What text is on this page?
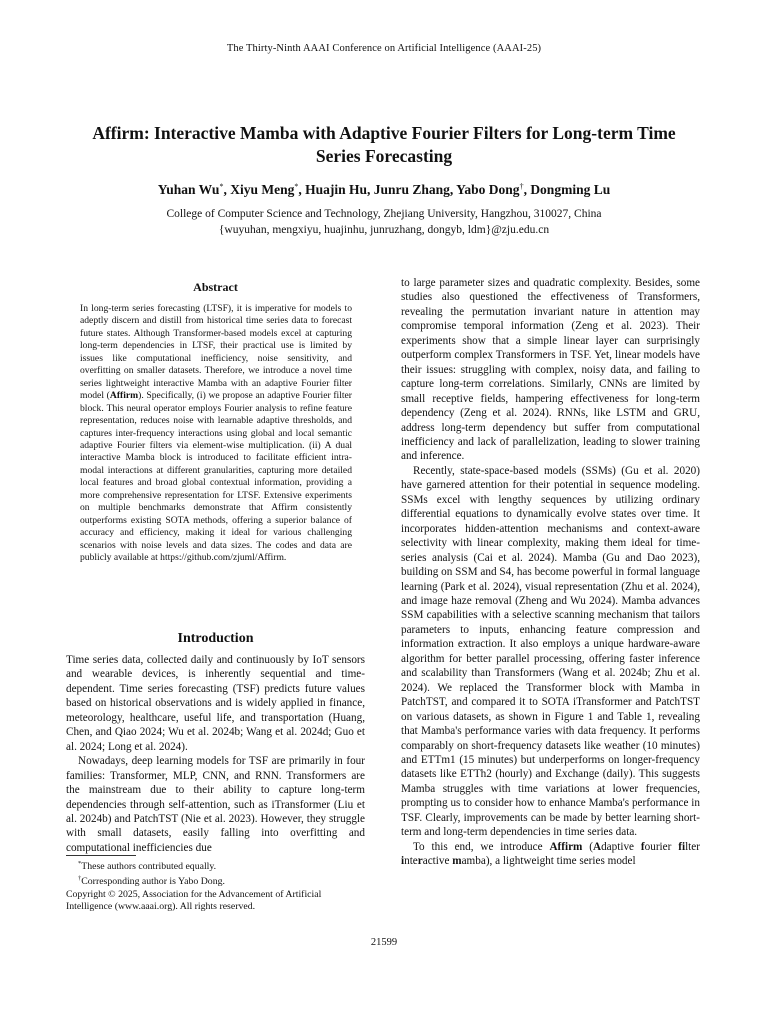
The Thirty-Ninth AAAI Conference on Artificial Intelligence (AAAI-25)
Affirm: Interactive Mamba with Adaptive Fourier Filters for Long-term Time Series Forecasting
Yuhan Wu*, Xiyu Meng*, Huajin Hu, Junru Zhang, Yabo Dong†, Dongming Lu
College of Computer Science and Technology, Zhejiang University, Hangzhou, 310027, China
{wuyuhan, mengxiyu, huajinhu, junruzhang, dongyb, ldm}@zju.edu.cn
Abstract
In long-term series forecasting (LTSF), it is imperative for models to adeptly discern and distill from historical time series data to forecast future states. Although Transformer-based models excel at capturing long-term dependencies in LTSF, their practical use is limited by issues like computational inefficiency, noise sensitivity, and overfitting on smaller datasets. Therefore, we introduce a novel time series lightweight interactive Mamba with an adaptive Fourier filter model (Affirm). Specifically, (i) we propose an adaptive Fourier filter block. This neural operator employs Fourier analysis to refine feature representation, reduces noise with learnable adaptive thresholds, and captures inter-frequency interactions using global and local semantic adaptive Fourier filters via element-wise multiplication. (ii) A dual interactive Mamba block is introduced to facilitate efficient intra-modal interactions at different granularities, capturing more detailed local features and broad global contextual information, providing a more comprehensive representation for LTSF. Extensive experiments on multiple benchmarks demonstrate that Affirm consistently outperforms existing SOTA methods, offering a superior balance of accuracy and efficiency, making it ideal for various challenging scenarios with noise levels and data sizes. The codes and data are publicly available at https://github.com/zjuml/Affirm.
Introduction

Time series data, collected daily and continuously by IoT sensors and wearable devices, is inherently sequential and time-dependent. Time series forecasting (TSF) predicts future values based on historical observations and is widely applied in finance, meteorology, healthcare, useful life, and transportation (Huang, Chen, and Qiao 2024; Wu et al. 2024b; Wang et al. 2024d; Guo et al. 2024; Long et al. 2024).

Nowadays, deep learning models for TSF are primarily in four families: Transformer, MLP, CNN, and RNN. Transformers are the mainstream due to their ability to capture long-term dependencies through self-attention, such as iTransformer (Liu et al. 2024b) and PatchTST (Nie et al. 2023). However, they struggle with small datasets, easily falling into overfitting and computational inefficiencies due

to large parameter sizes and quadratic complexity. Besides, some studies also questioned the effectiveness of Transformers, revealing the permutation invariant nature in attention may compromise temporal information (Zeng et al. 2023). Their experiments show that a simple linear layer can surprisingly outperform complex Transformers in TSF. Yet, linear models have their issues: struggling with complex, noisy data, and failing to capture long-term correlations. Similarly, CNNs are limited by small receptive fields, hampering effectiveness for long-term dependency (Zeng et al. 2024). RNNs, like LSTM and GRU, address long-term dependency but suffer from computational inefficiency and lack of parallelization, leading to slower training and inference.

Recently, state-space-based models (SSMs) (Gu et al. 2020) have garnered attention for their potential in sequence modeling. SSMs excel with lengthy sequences by utilizing ordinary differential equations to dynamically evolve states over time. It incorporates hidden-attention mechanisms and context-aware selectivity with linear complexity, making them ideal for time-series analysis (Cai et al. 2024). Mamba (Gu and Dao 2023), building on SSM and S4, has become powerful in formal language learning (Park et al. 2024), visual representation (Zhu et al. 2024), and image haze removal (Zheng and Wu 2024). Mamba advances SSM capabilities with a selective scanning mechanism that tailors parameters to inputs, enhancing feature compression and information extraction. It also employs a unique hardware-aware algorithm for better parallel processing, offering faster inference and scalability than Transformers (Wang et al. 2024b; Zhu et al. 2024). We replaced the Transformer block with Mamba in PatchTST, and compared it to SOTA iTransformer and PatchTST on various datasets, as shown in Figure 1 and Table 1, revealing that Mamba's performance varies with data frequency. It performs comparably on short-frequency datasets like weather (10 minutes) and ETTm1 (15 minutes) but underperforms on longer-frequency datasets like ETTh2 (hourly) and Exchange (daily). This suggests Mamba struggles with time variations at lower frequencies, prompting us to consider how to enhance Mamba's performance in TSF. Clearly, improvements can be made by better learning short-term and long-term dependencies in time series data.

To this end, we introduce Affirm (Adaptive fourier filter interactive mamba), a lightweight time series model

*These authors contributed equally.
†Corresponding author is Yabo Dong.
Copyright © 2025, Association for the Advancement of Artificial Intelligence (www.aaai.org). All rights reserved.
21599
